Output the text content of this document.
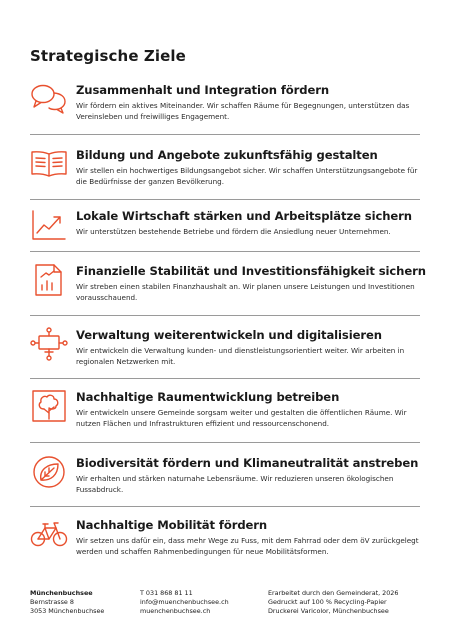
Strategische Ziele
Zusammenhalt und Integration fördern
Wir fördern ein aktives Miteinander. Wir schaffen Räume für Begegnungen, unterstützen das Vereinsleben und freiwilliges Engagement.
Bildung und Angebote zukunftsfähig gestalten
Wir stellen ein hochwertiges Bildungsangebot sicher. Wir schaffen Unterstützungsangebote für die Bedürfnisse der ganzen Bevölkerung.
Lokale Wirtschaft stärken und Arbeitsplätze sichern
Wir unterstützen bestehende Betriebe und fördern die Ansiedlung neuer Unternehmen.
Finanzielle Stabilität und Investitionsfähigkeit sichern
Wir streben einen stabilen Finanzhaushalt an. Wir planen unsere Leistungen und Investitionen vorausschauend.
Verwaltung weiterentwickeln und digitalisieren
Wir entwickeln die Verwaltung kunden- und dienstleistungsorientiert weiter. Wir arbeiten in regionalen Netzwerken mit.
Nachhaltige Raumentwicklung betreiben
Wir entwickeln unsere Gemeinde sorgsam weiter und gestalten die öffentlichen Räume. Wir nutzen Flächen und Infrastrukturen effizient und ressourcenschonend.
Biodiversität fördern und Klimaneutralität anstreben
Wir erhalten und stärken naturnahe Lebensräume. Wir reduzieren unseren ökologischen Fussabdruck.
Nachhaltige Mobilität fördern
Wir setzen uns dafür ein, dass mehr Wege zu Fuss, mit dem Fahrrad oder dem öV zurückgelegt werden und schaffen Rahmenbedingungen für neue Mobilitätsformen.
Münchenbuchsee
Bernstrasse 8
3053 Münchenbuchsee
T 031 868 81 11
info@muenchenbuchsee.ch
muenchenbuchsee.ch
Erarbeitet durch den Gemeinderat, 2026
Gedruckt auf 100 % Recycling-Papier
Druckerei Varicolor, Münchenbuchsee
